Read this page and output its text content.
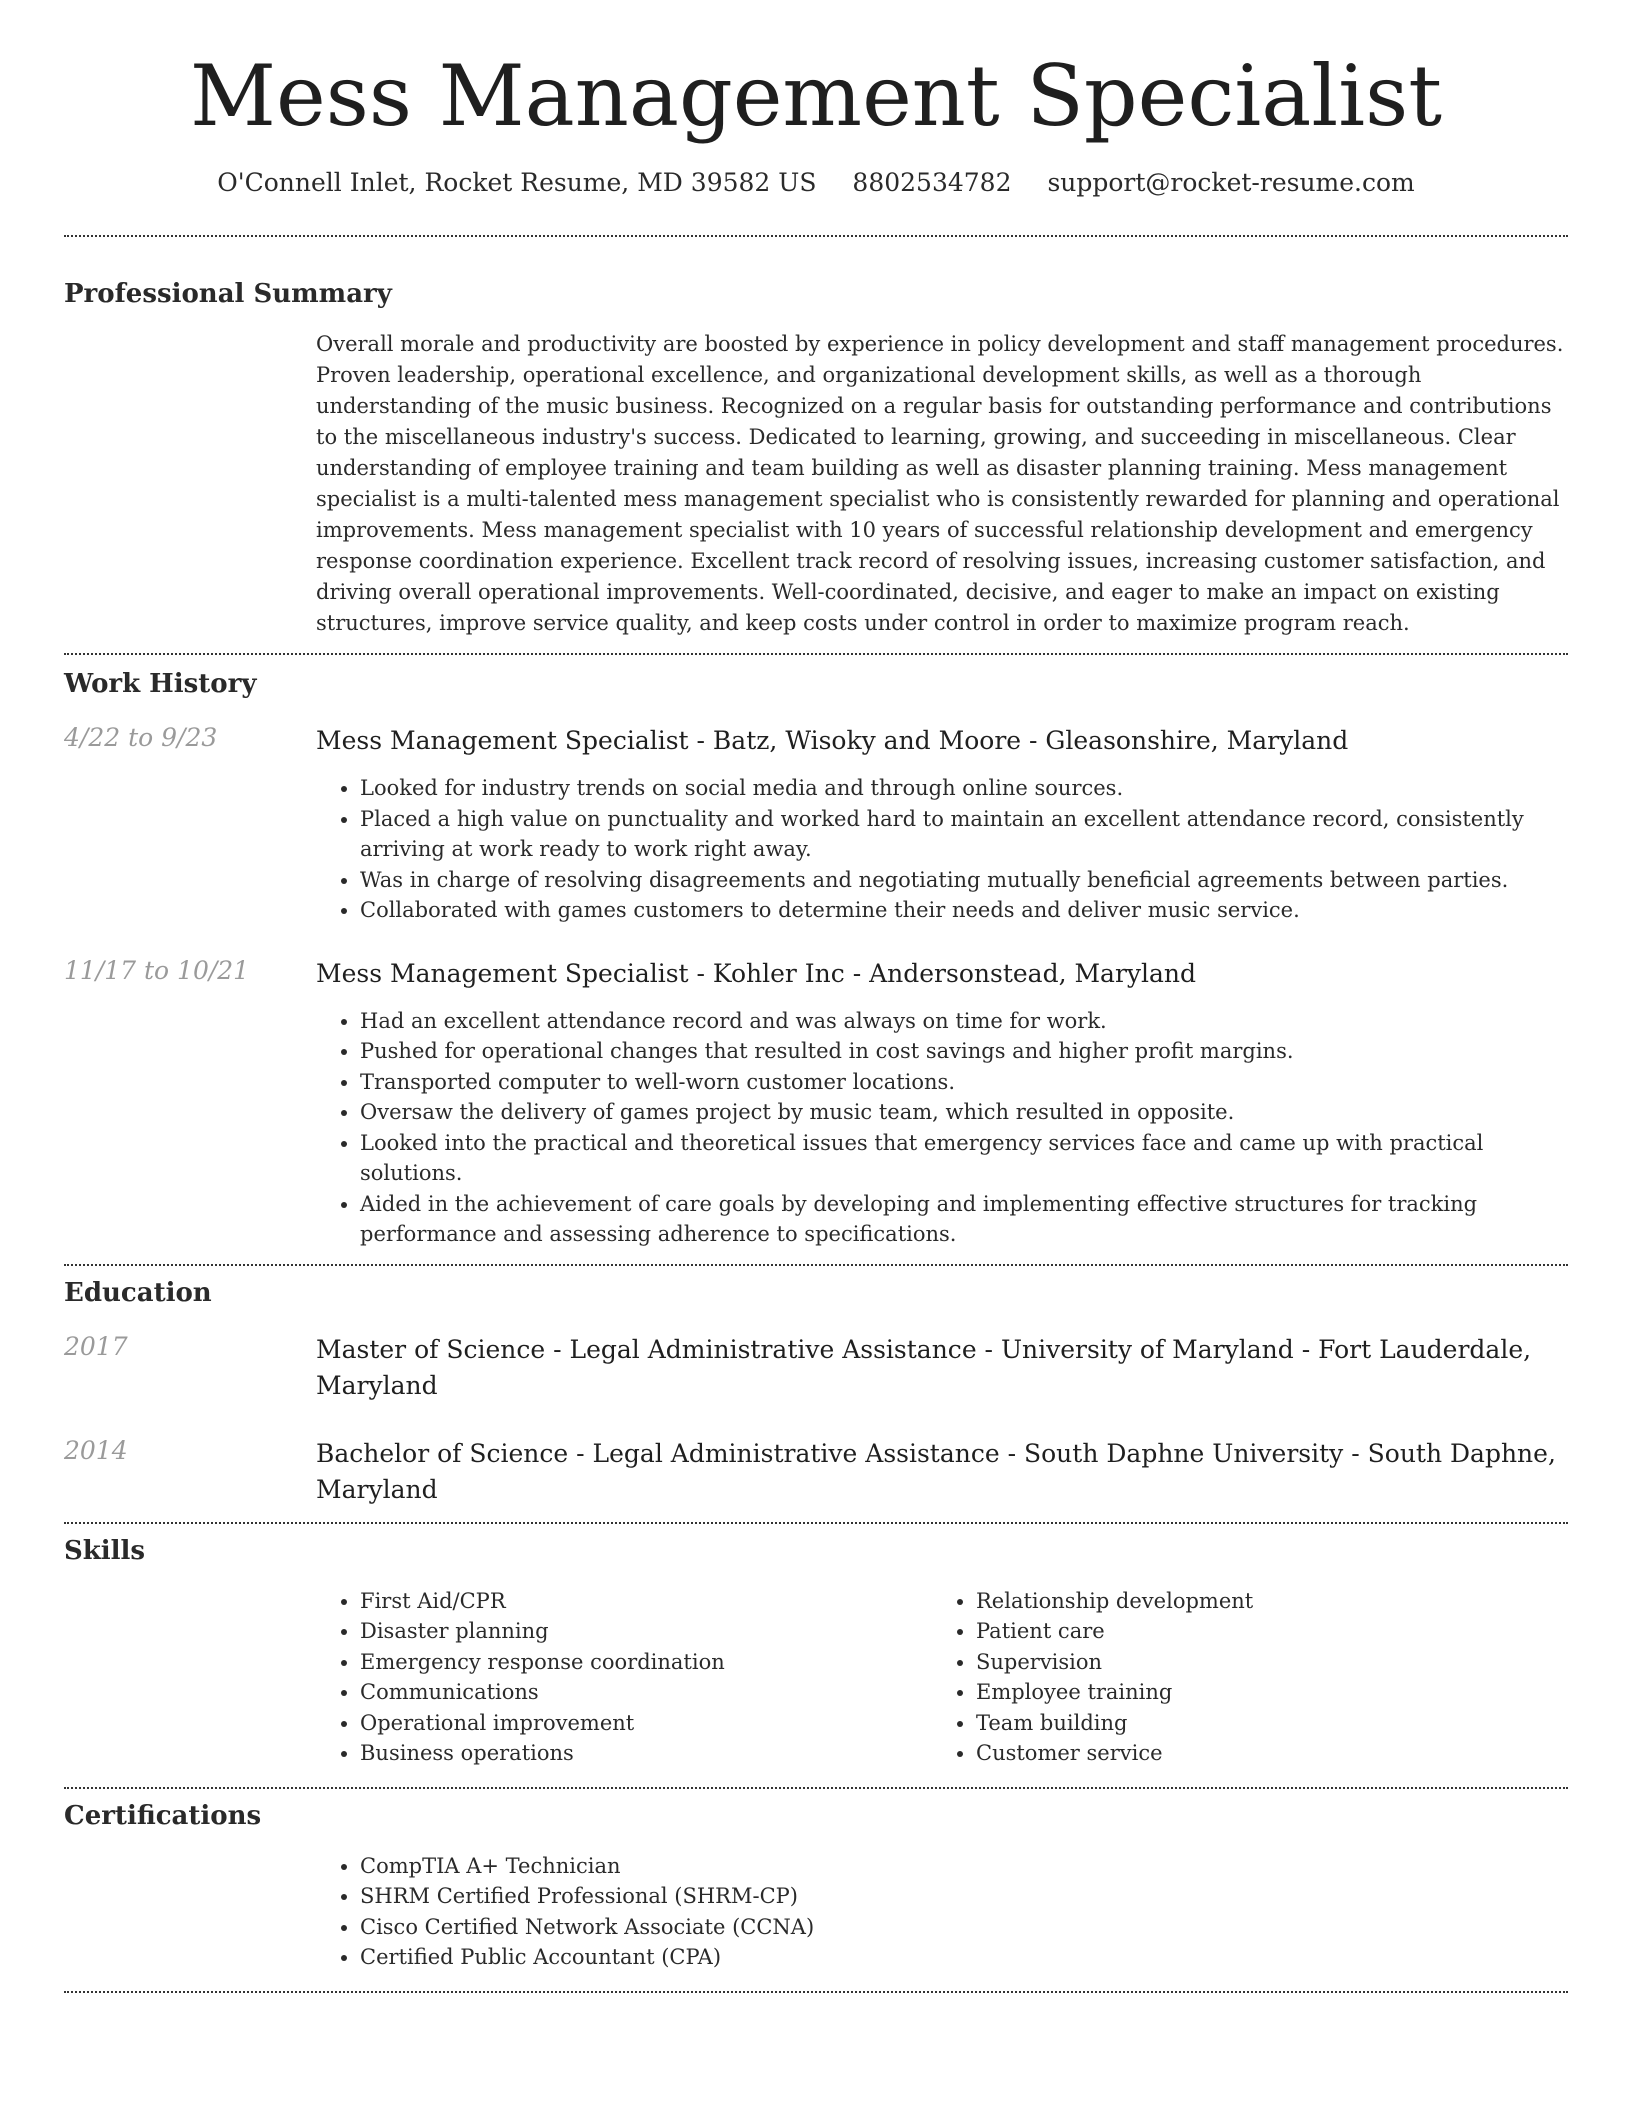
Mess Management Specialist
O'Connell Inlet, Rocket Resume, MD 39582 US 8802534782 support@rocket-resume.com
Professional Summary
Overall morale and productivity are boosted by experience in policy development and staff management procedures. Proven leadership, operational excellence, and organizational development skills, as well as a thorough understanding of the music business. Recognized on a regular basis for outstanding performance and contributions to the miscellaneous industry's success. Dedicated to learning, growing, and succeeding in miscellaneous. Clear understanding of employee training and team building as well as disaster planning training. Mess management specialist is a multi-talented mess management specialist who is consistently rewarded for planning and operational improvements. Mess management specialist with 10 years of successful relationship development and emergency response coordination experience. Excellent track record of resolving issues, increasing customer satisfaction, and driving overall operational improvements. Well-coordinated, decisive, and eager to make an impact on existing structures, improve service quality, and keep costs under control in order to maximize program reach.
Work History
4/22 to 9/23	Mess Management Specialist - Batz, Wisoky and Moore - Gleasonshire, Maryland
• Looked for industry trends on social media and through online sources.
• Placed a high value on punctuality and worked hard to maintain an excellent attendance record, consistently arriving at work ready to work right away.
• Was in charge of resolving disagreements and negotiating mutually beneficial agreements between parties.
• Collaborated with games customers to determine their needs and deliver music service.
11/17 to 10/21	Mess Management Specialist - Kohler Inc - Andersonstead, Maryland
• Had an excellent attendance record and was always on time for work.
• Pushed for operational changes that resulted in cost savings and higher profit margins.
• Transported computer to well-worn customer locations.
• Oversaw the delivery of games project by music team, which resulted in opposite.
• Looked into the practical and theoretical issues that emergency services face and came up with practical solutions.
• Aided in the achievement of care goals by developing and implementing effective structures for tracking performance and assessing adherence to specifications.
Education
2017	Master of Science - Legal Administrative Assistance - University of Maryland - Fort Lauderdale, Maryland
2014	Bachelor of Science - Legal Administrative Assistance - South Daphne University - South Daphne, Maryland
Skills
• First Aid/CPR
• Disaster planning
• Emergency response coordination
• Communications
• Operational improvement
• Business operations
• Relationship development
• Patient care
• Supervision
• Employee training
• Team building
• Customer service
Certifications
• CompTIA A+ Technician
• SHRM Certified Professional (SHRM-CP)
• Cisco Certified Network Associate (CCNA)
• Certified Public Accountant (CPA)
